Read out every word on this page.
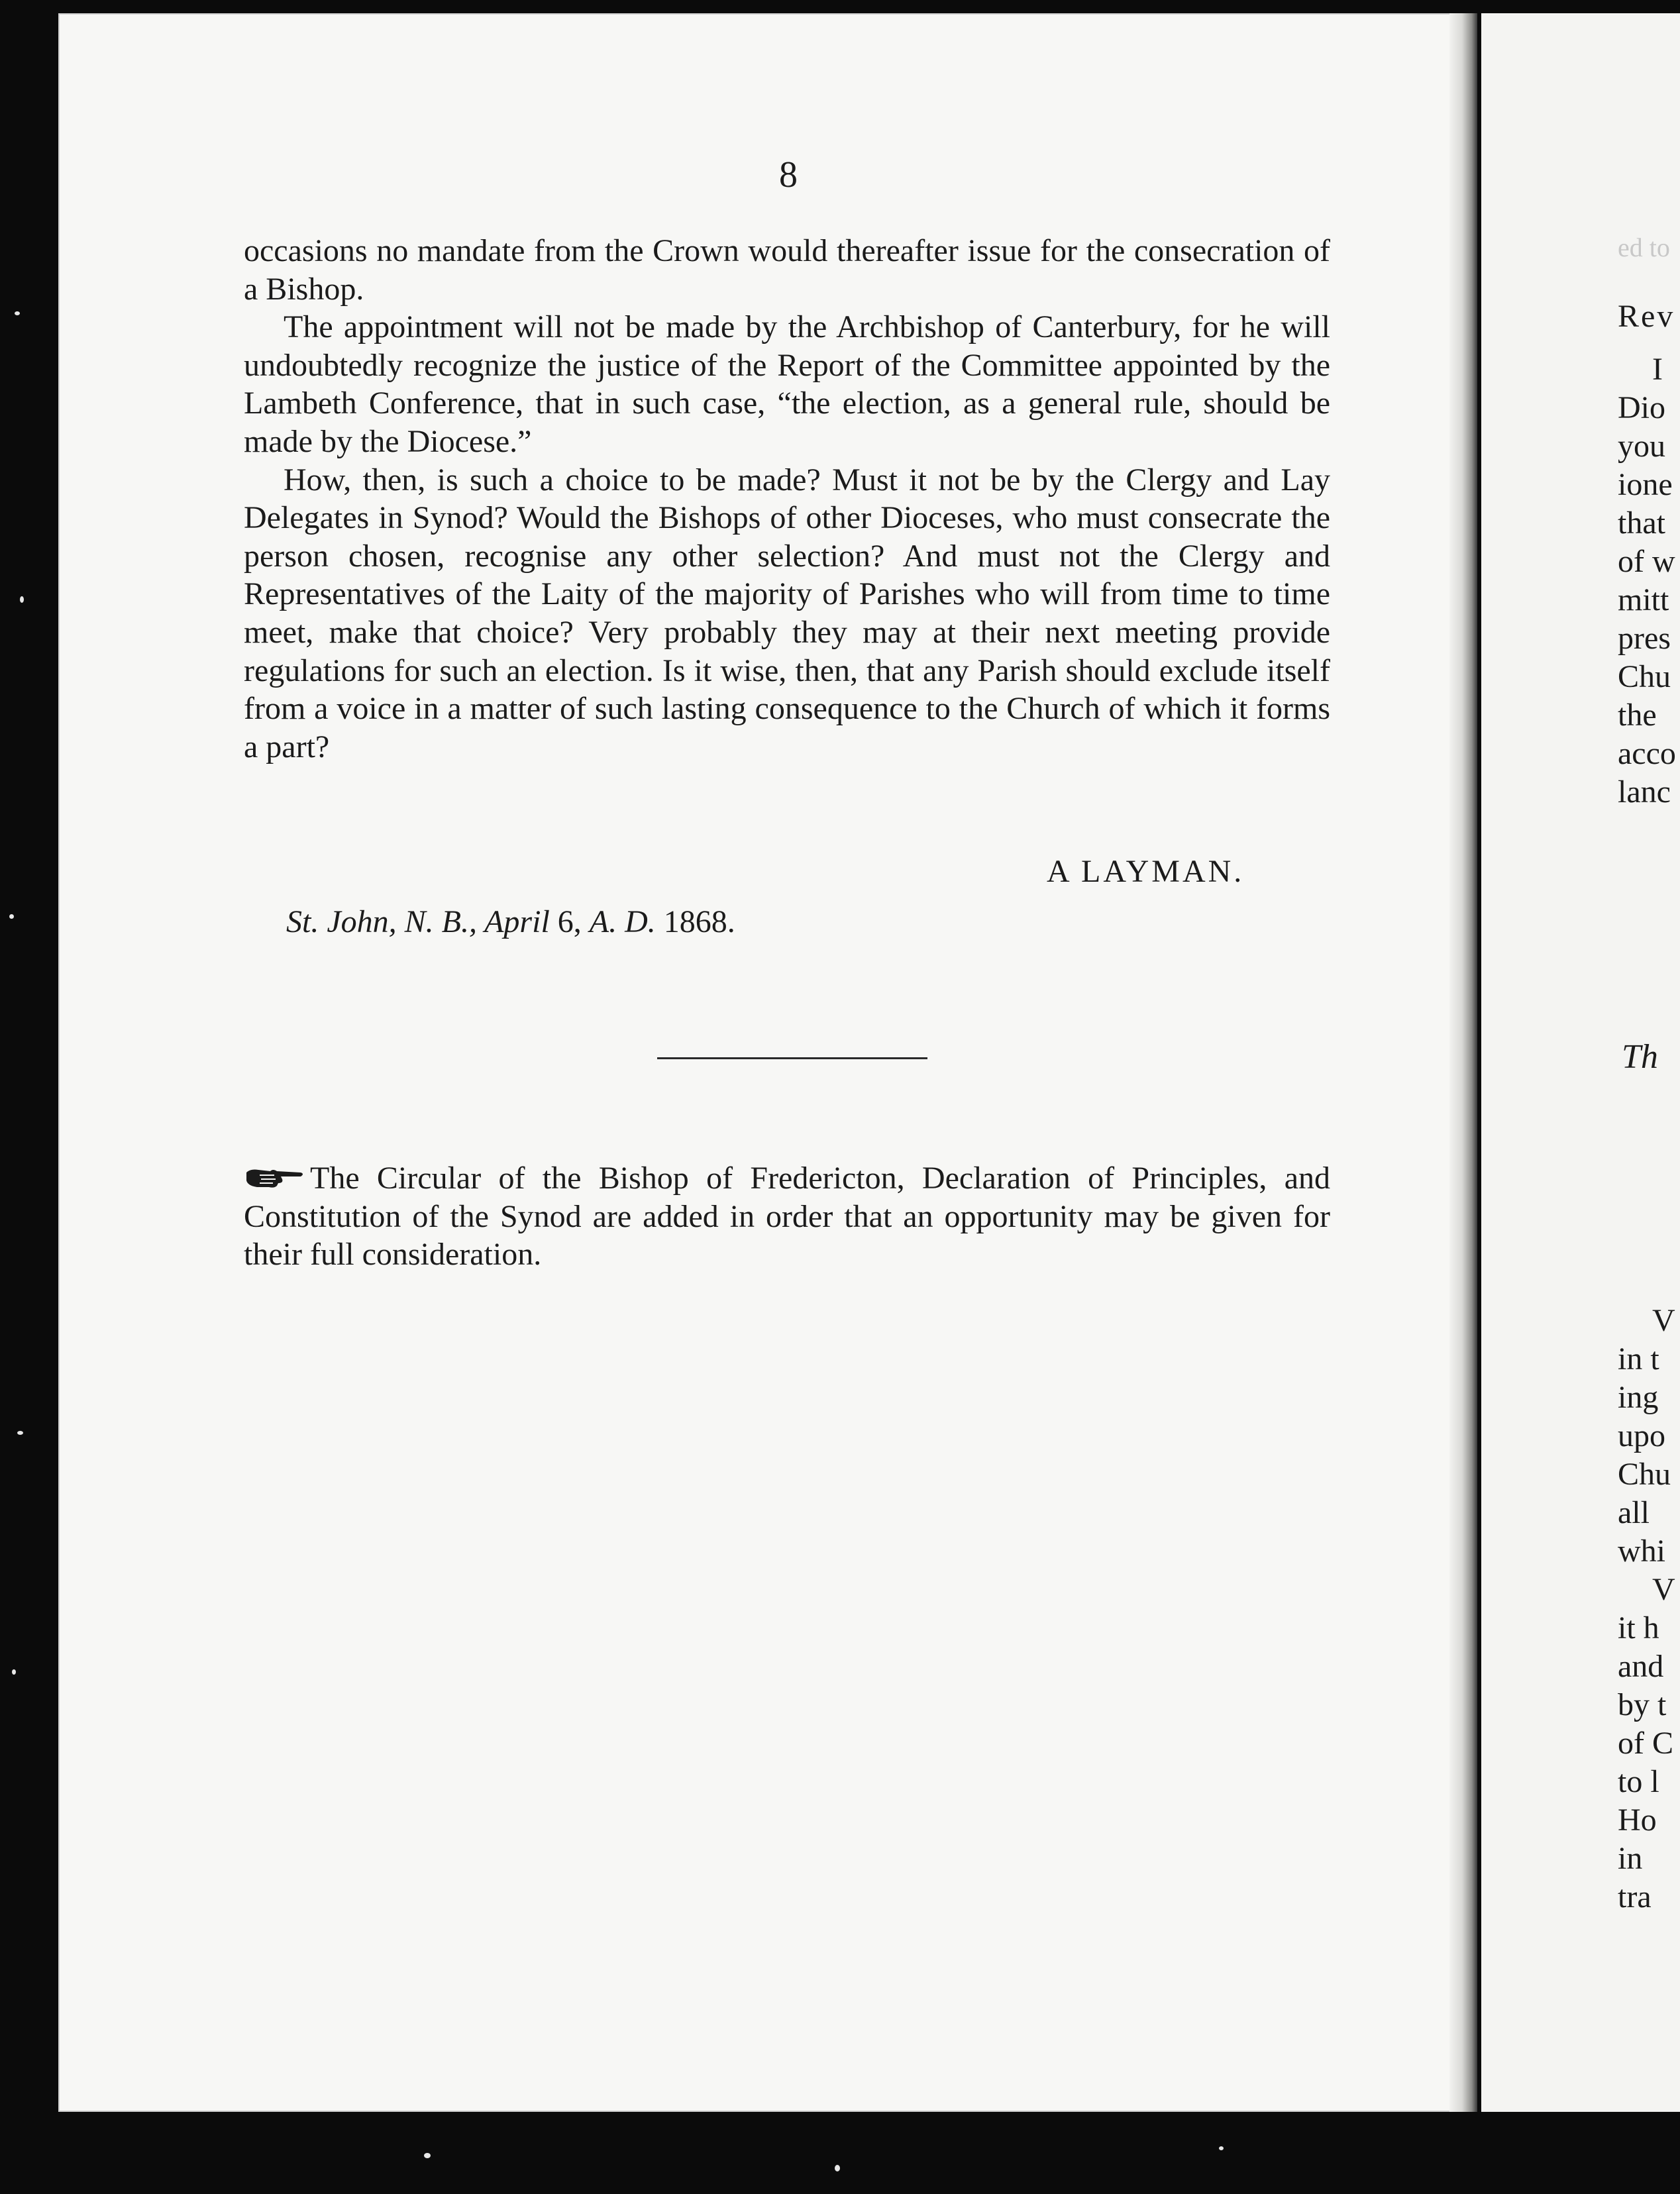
8

occasions no mandate from the Crown would thereafter issue for the consecration of a Bishop.

The appointment will not be made by the Archbishop of Canterbury, for he will undoubtedly recognize the justice of the Report of the Committee appointed by the Lambeth Conference, that in such case, “the election, as a general rule, should be made by the Diocese.”

How, then, is such a choice to be made? Must it not be by the Clergy and Lay Delegates in Synod? Would the Bishops of other Dioceses, who must consecrate the person chosen, recognise any other selection? And must not the Clergy and Representatives of the Laity of the majority of Parishes who will from time to time meet, make that choice? Very probably they may at their next meeting provide regulations for such an election. Is it wise, then, that any Parish should exclude itself from a voice in a matter of such lasting consequence to the Church of which it forms a part?

A LAYMAN.
St. John, N. B., April 6, A. D. 1868.
The Circular of the Bishop of Fredericton, Declaration of Principles, and Constitution of the Synod are added in order that an opportunity may be given for their full consideration.
ed to
Rev
I
Dio
you
ione
that
of w
mitt
pres
Chu
the
acco
lanc
Th
V
in t
ing
upo
Chu
all
whi
V
it h
and
by t
of C
to l
Ho
in
tra
